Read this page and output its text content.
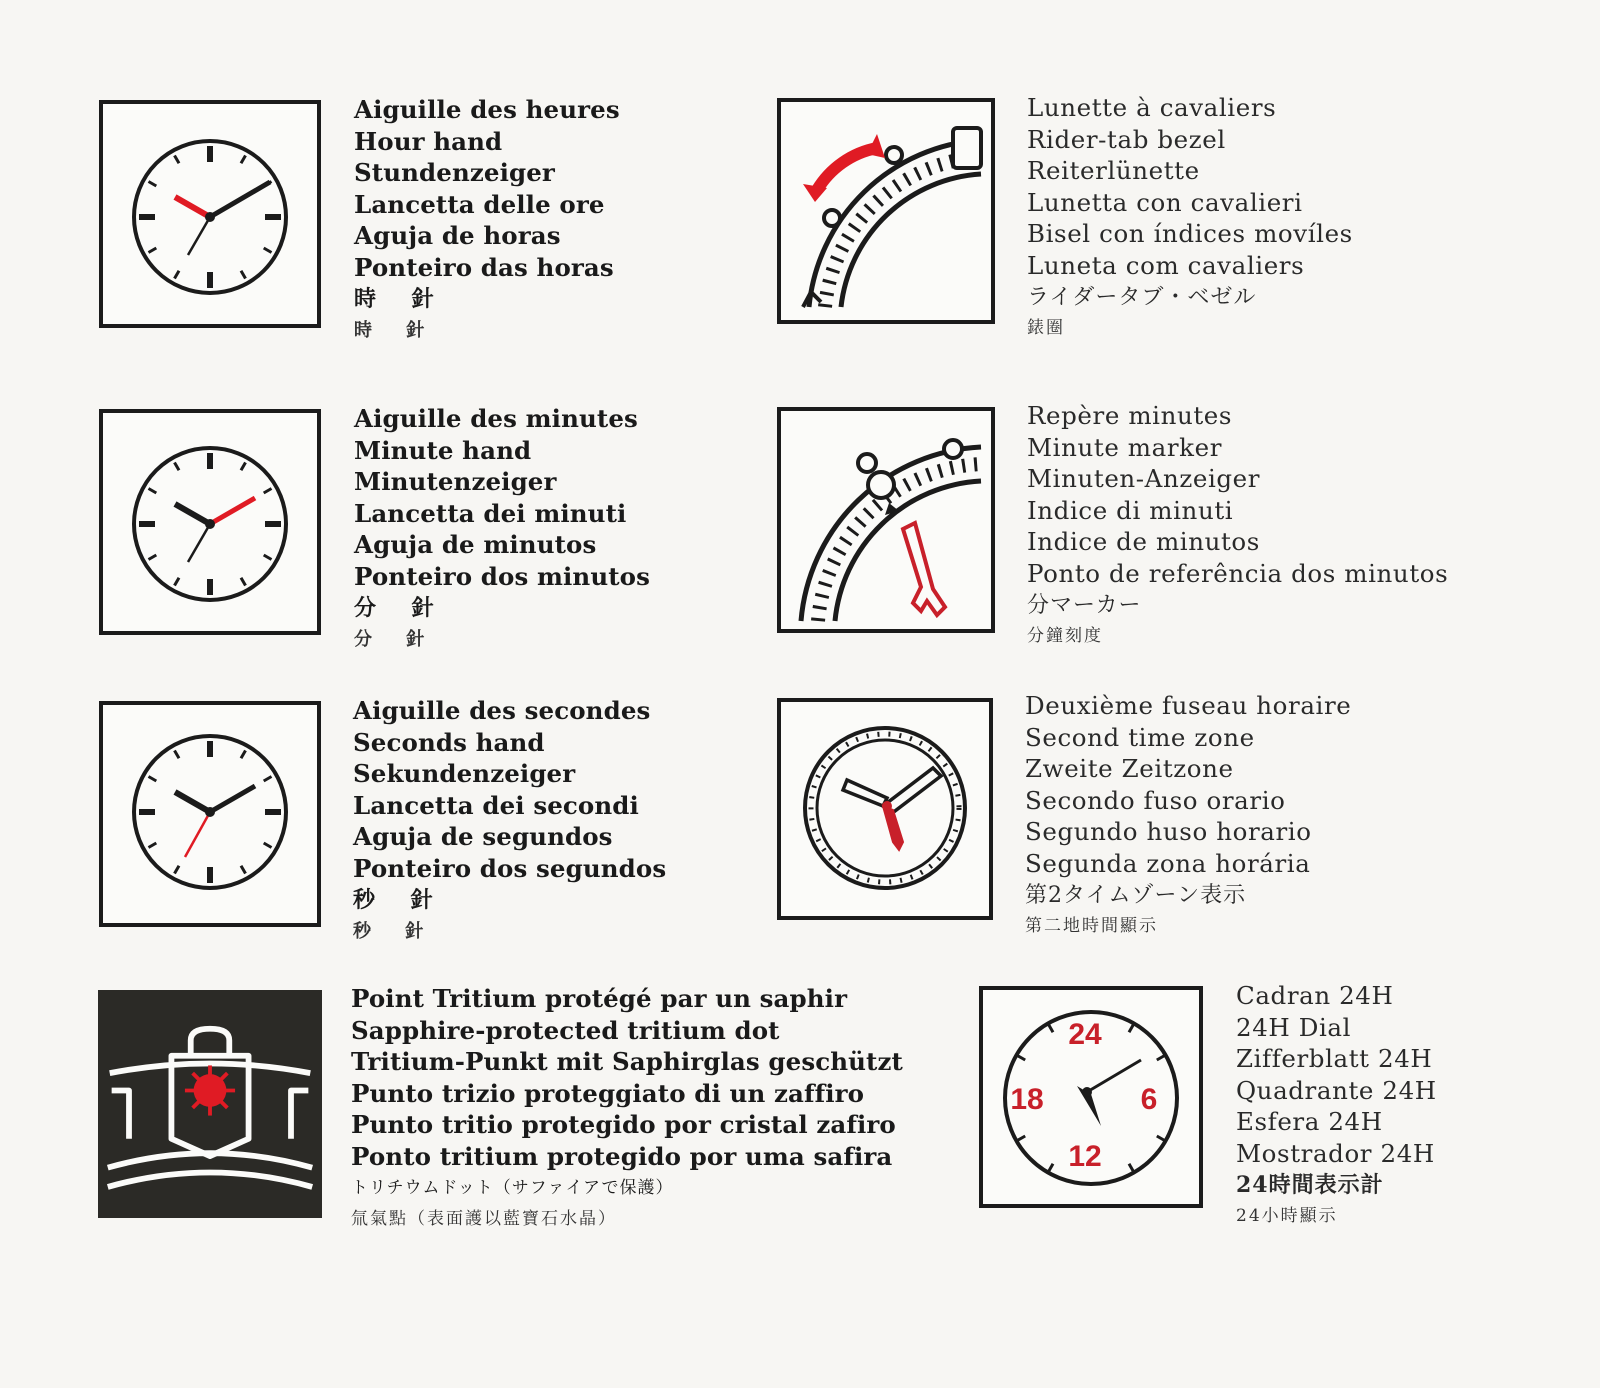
Aiguille des heures
Hour hand
Stundenzeiger
Lancetta delle ore
Aguja de horas
Ponteiro das horas
時 針
時 針
Lunette à cavaliers
Rider-tab bezel
Reiterlünette
Lunetta con cavalieri
Bisel con índices movíles
Luneta com cavaliers
ライダータブ・ベゼル
錶圈
Aiguille des minutes
Minute hand
Minutenzeiger
Lancetta dei minuti
Aguja de minutos
Ponteiro dos minutos
分 針
分 針
Repère minutes
Minute marker
Minuten-Anzeiger
Indice di minuti
Indice de minutos
Ponto de referência dos minutos
分マーカー
分鐘刻度
Aiguille des secondes
Seconds hand
Sekundenzeiger
Lancetta dei secondi
Aguja de segundos
Ponteiro dos segundos
秒 針
秒 針
Deuxième fuseau horaire
Second time zone
Zweite Zeitzone
Secondo fuso orario
Segundo huso horario
Segunda zona horária
第2タイムゾーン表示
第二地時間顯示
Point Tritium protégé par un saphir
Sapphire-protected tritium dot
Tritium-Punkt mit Saphirglas geschützt
Punto trizio proteggiato di un zaffiro
Punto tritio protegido por cristal zafiro
Ponto tritium protegido por uma safira
トリチウムドット（サファイアで保護）
氚氣點（表面護以藍寶石水晶）
24
6
12
18
Cadran 24H
24H Dial
Zifferblatt 24H
Quadrante 24H
Esfera 24H
Mostrador 24H
24時間表示計
24小時顯示
